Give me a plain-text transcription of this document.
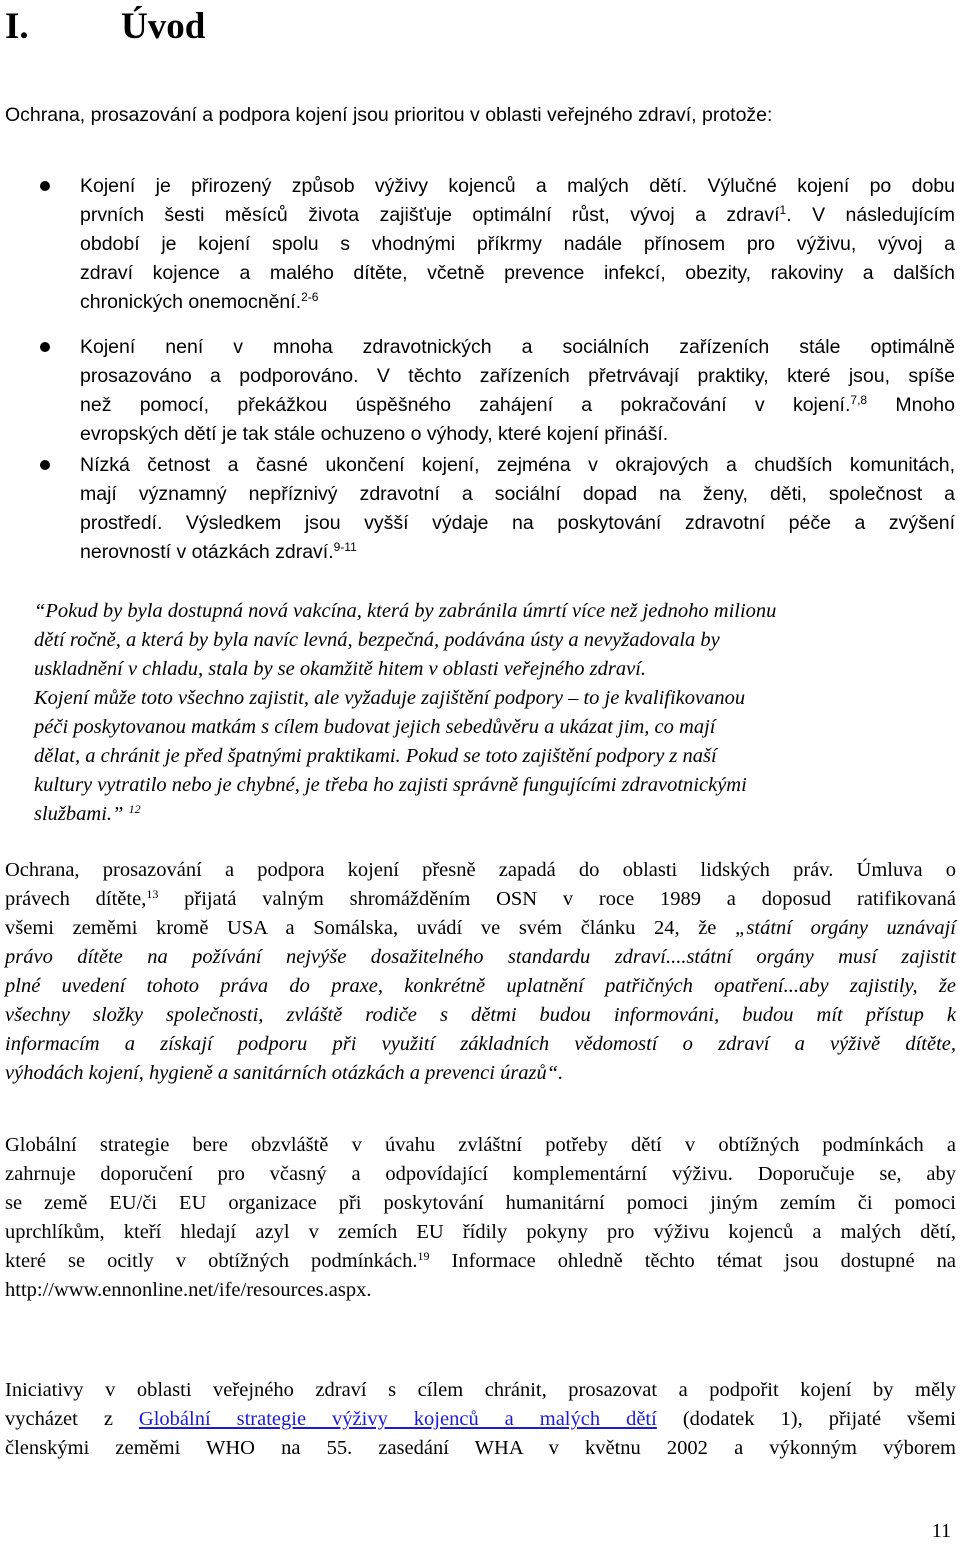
I. Úvod
Ochrana, prosazování a podpora kojení jsou prioritou v oblasti veřejného zdraví, protože:
Kojení je přirozený způsob výživy kojenců a malých dětí. Výlučné kojení po dobu
prvních šesti měsíců života zajišťuje optimální růst, vývoj a zdraví$^1$. V následujícím
období je kojení spolu s vhodnými příkrmy nadále přínosem pro výživu, vývoj a
zdraví kojence a malého dítěte, včetně prevence infekcí, obezity, rakoviny a dalších
chronických onemocnění.$^{2-6}$
Kojení není v mnoha zdravotnických a sociálních zařízeních stále optimálně
prosazováno a podporováno. V těchto zařízeních přetrvávají praktiky, které jsou, spíše
než pomocí, překážkou úspěšného zahájení a pokračování v kojení.$^{7,8}$ Mnoho
evropských dětí je tak stále ochuzeno o výhody, které kojení přináší.
Nízká četnost a časné ukončení kojení, zejména v okrajových a chudších komunitách,
mají významný nepříznivý zdravotní a sociální dopad na ženy, děti, společnost a
prostředí. Výsledkem jsou vyšší výdaje na poskytování zdravotní péče a zvýšení
nerovností v otázkách zdraví.$^{9-11}$
“Pokud by byla dostupná nová vakcína, která by zabránila úmrtí více než jednoho milionu
dětí ročně, a která by byla navíc levná, bezpečná, podávána ústy a nevyžadovala by
uskladnění v chladu, stala by se okamžitě hitem v oblasti veřejného zdraví.
Kojení může toto všechno zajistit, ale vyžaduje zajištění podpory – to je kvalifikovanou
péči poskytovanou matkám s cílem budovat jejich sebedůvěru a ukázat jim, co mají
dělat, a chránit je před špatnými praktikami. Pokud se toto zajištění podpory z naší
kultury vytratilo nebo je chybné, je třeba ho zajisti správně fungujícími zdravotnickými
službami.” $^{12}$
Ochrana, prosazování a podpora kojení přesně zapadá do oblasti lidských práv. Úmluva o
právech dítěte,$^{13}$ přijatá valným shromážděním OSN v roce 1989 a doposud ratifikovaná
všemi zeměmi kromě USA a Somálska, uvádí ve svém článku 24, že „státní orgány uznávají
právo dítěte na požívání nejvýše dosažitelného standardu zdraví....státní orgány musí zajistit
plné uvedení tohoto práva do praxe, konkrétně uplatnění patřičných opatření...aby zajistily, že
všechny složky společnosti, zvláště rodiče s dětmi budou informováni, budou mít přístup k
informacím a získají podporu při využití základních vědomostí o zdraví a výživě dítěte,
výhodách kojení, hygieně a sanitárních otázkách a prevenci úrazů“.
Globální strategie bere obzvláště v úvahu zvláštní potřeby dětí v obtížných podmínkách a
zahrnuje doporučení pro včasný a odpovídající komplementární výživu. Doporučuje se, aby
se země EU/či EU organizace při poskytování humanitární pomoci jiným zemím či pomoci
uprchlíkům, kteří hledají azyl v zemích EU řídily pokyny pro výživu kojenců a malých dětí,
které se ocitly v obtížných podmínkách.$^{19}$ Informace ohledně těchto témat jsou dostupné na
http://www.ennonline.net/ife/resources.aspx.
Iniciativy v oblasti veřejného zdraví s cílem chránit, prosazovat a podpořit kojení by měly
vycházet z Globální strategie výživy kojenců a malých dětí (dodatek 1), přijaté všemi
členskými zeměmi WHO na 55. zasedání WHA v květnu 2002 a výkonným výborem
11
